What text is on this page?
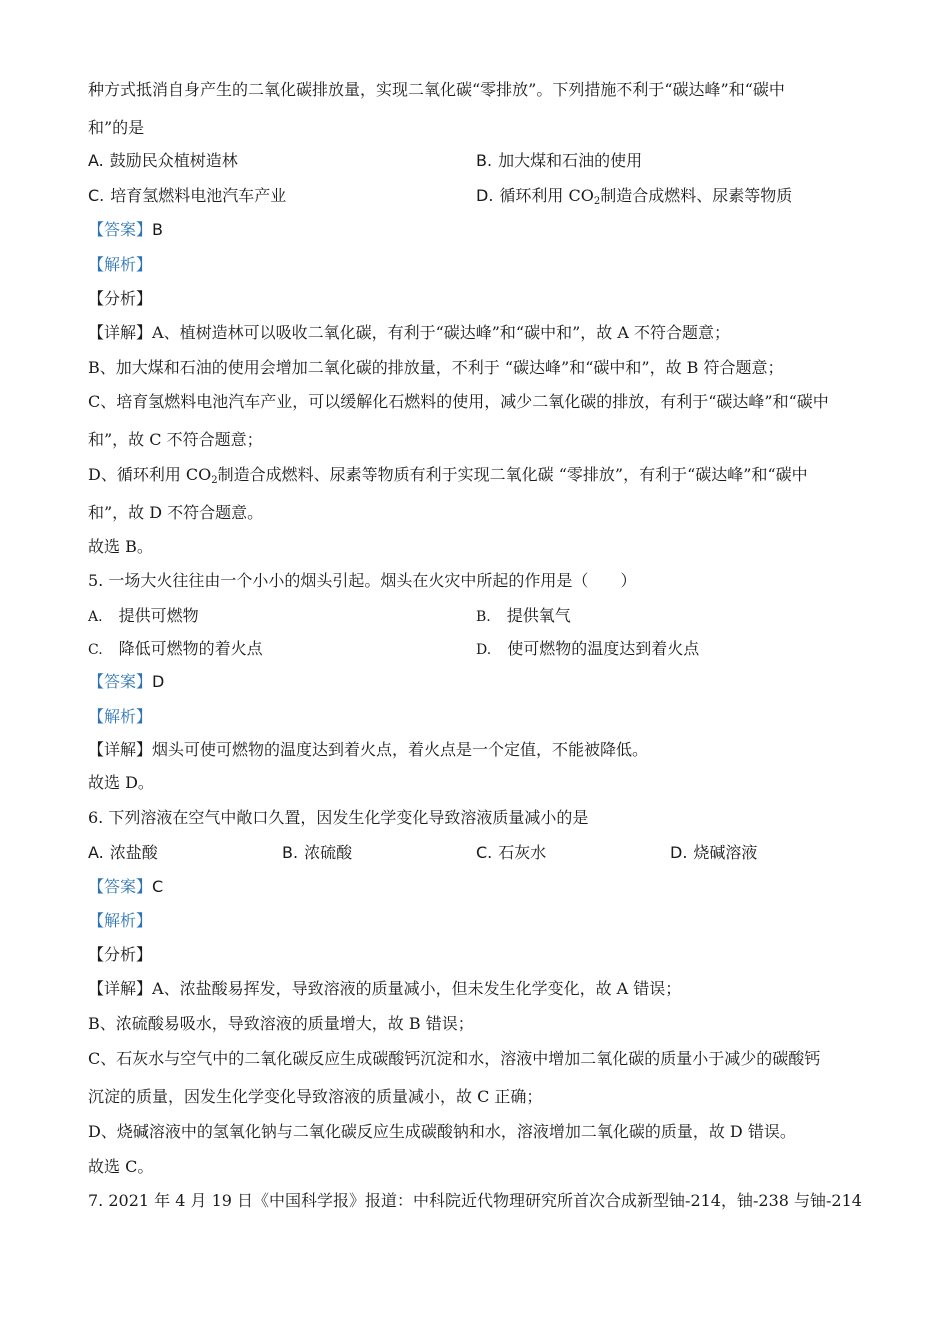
种方式抵消自身产生的二氧化碳排放量，实现二氧化碳“零排放”。下列措施不利于“碳达峰”和“碳中
和”的是
A. 鼓励民众植树造林	B. 加大煤和石油的使用
C. 培育氢燃料电池汽车产业	D. 循环利用 $CO_2$制造合成燃料、尿素等物质
【答案】B
【解析】
【分析】
【详解】A、植树造林可以吸收二氧化碳，有利于“碳达峰”和“碳中和”，故 A 不符合题意；
B、加大煤和石油的使用会增加二氧化碳的排放量，不利于 “碳达峰”和“碳中和”，故 B 符合题意；
C、培育氢燃料电池汽车产业，可以缓解化石燃料的使用，减少二氧化碳的排放，有利于“碳达峰”和“碳中
和”，故 C 不符合题意；
D、循环利用 $CO_2$制造合成燃料、尿素等物质有利于实现二氧化碳 “零排放”，有利于“碳达峰”和“碳中
和”，故 D 不符合题意。
故选 B。
5. 一场大火往往由一个小小的烟头引起。烟头在火灾中所起的作用是（　　）
A. 提供可燃物	B. 提供氧气
C. 降低可燃物的着火点	D. 使可燃物的温度达到着火点
【答案】D
【解析】
【详解】烟头可使可燃物的温度达到着火点，着火点是一个定值，不能被降低。
故选 D。
6. 下列溶液在空气中敞口久置，因发生化学变化导致溶液质量减小的是
A. 浓盐酸	B. 浓硫酸	C. 石灰水	D. 烧碱溶液
【答案】C
【解析】
【分析】
【详解】A、浓盐酸易挥发，导致溶液的质量减小，但未发生化学变化，故 A 错误；
B、浓硫酸易吸水，导致溶液的质量增大，故 B 错误；
C、石灰水与空气中的二氧化碳反应生成碳酸钙沉淀和水，溶液中增加二氧化碳的质量小于减少的碳酸钙
沉淀的质量，因发生化学变化导致溶液的质量减小，故 C 正确；
D、烧碱溶液中的氢氧化钠与二氧化碳反应生成碳酸钠和水，溶液增加二氧化碳的质量，故 D 错误。
故选 C。
7. 2021 年 4 月 19 日《中国科学报》报道：中科院近代物理研究所首次合成新型铀-214，铀-238 与铀-214
